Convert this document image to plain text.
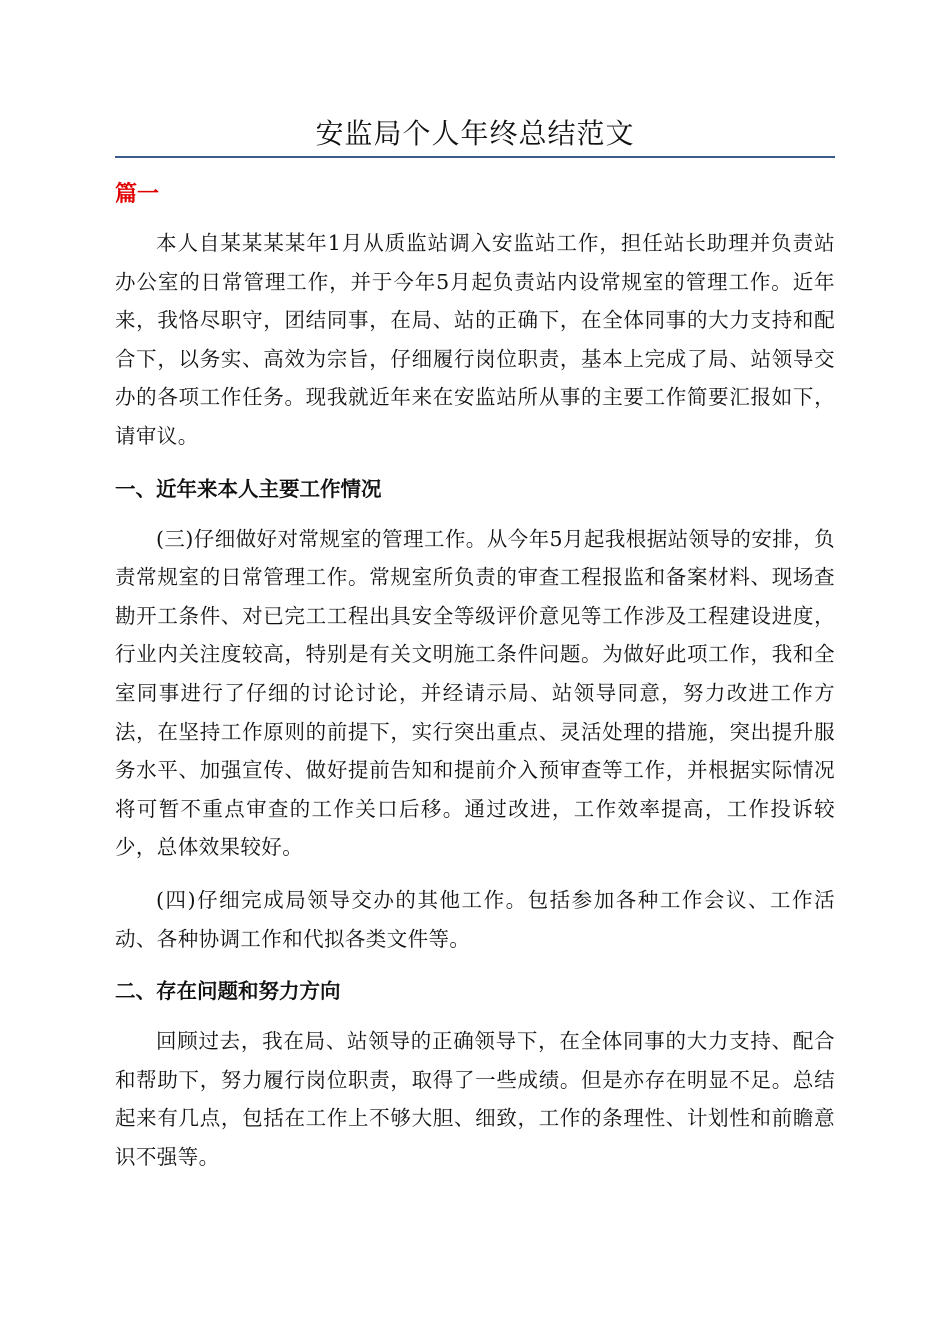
安监局个人年终总结范文
篇一

本人自某某某某年1月从质监站调入安监站工作，担任站长助理并负责站办公室的日常管理工作，并于今年5月起负责站内设常规室的管理工作。近年来，我恪尽职守，团结同事，在局、站的正确下，在全体同事的大力支持和配合下，以务实、高效为宗旨，仔细履行岗位职责，基本上完成了局、站领导交办的各项工作任务。现我就近年来在安监站所从事的主要工作简要汇报如下，请审议。

一、近年来本人主要工作情况

(三)仔细做好对常规室的管理工作。从今年5月起我根据站领导的安排，负责常规室的日常管理工作。常规室所负责的审查工程报监和备案材料、现场查勘开工条件、对已完工工程出具安全等级评价意见等工作涉及工程建设进度，行业内关注度较高，特别是有关文明施工条件问题。为做好此项工作，我和全室同事进行了仔细的讨论讨论，并经请示局、站领导同意，努力改进工作方法，在坚持工作原则的前提下，实行突出重点、灵活处理的措施，突出提升服务水平、加强宣传、做好提前告知和提前介入预审查等工作，并根据实际情况将可暂不重点审查的工作关口后移。通过改进，工作效率提高，工作投诉较少，总体效果较好。

(四)仔细完成局领导交办的其他工作。包括参加各种工作会议、工作活动、各种协调工作和代拟各类文件等。

二、存在问题和努力方向

回顾过去，我在局、站领导的正确领导下，在全体同事的大力支持、配合和帮助下，努力履行岗位职责，取得了一些成绩。但是亦存在明显不足。总结起来有几点，包括在工作上不够大胆、细致，工作的条理性、计划性和前瞻意识不强等。
